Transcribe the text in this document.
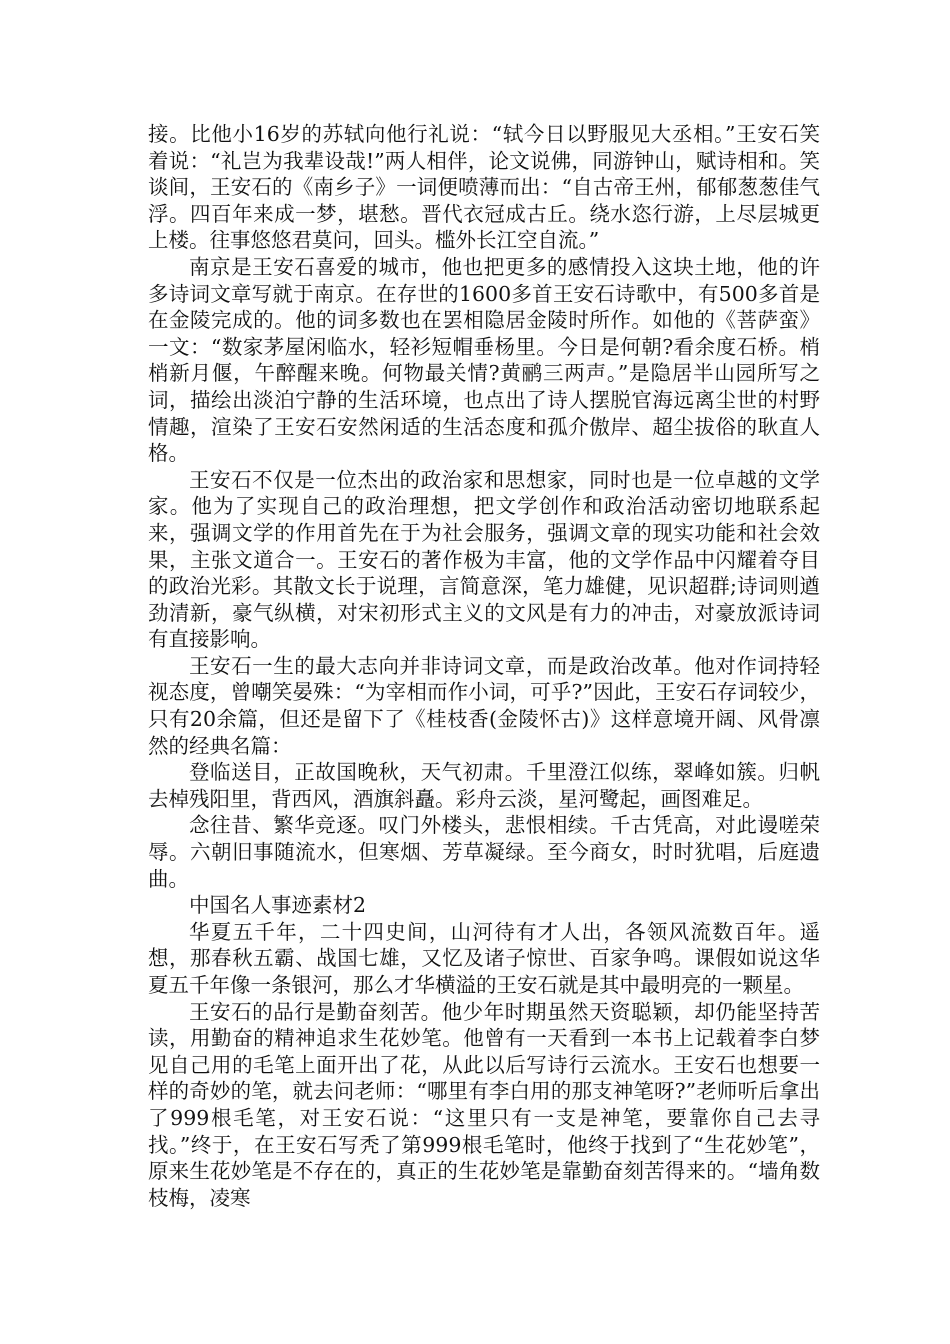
接。比他小16岁的苏轼向他行礼说：“轼今日以野服见大丞相。”王安石笑着说：“礼岂为我辈设哉!”两人相伴，论文说佛，同游钟山，赋诗相和。笑谈间，王安石的《南乡子》一词便喷薄而出：“自古帝王州，郁郁葱葱佳气浮。四百年来成一梦，堪愁。晋代衣冠成古丘。绕水恣行游，上尽层城更上楼。往事悠悠君莫问，回头。槛外长江空自流。”

南京是王安石喜爱的城市，他也把更多的感情投入这块土地，他的许多诗词文章写就于南京。在存世的1600多首王安石诗歌中，有500多首是在金陵完成的。他的词多数也在罢相隐居金陵时所作。如他的《菩萨蛮》一文：“数家茅屋闲临水，轻衫短帽垂杨里。今日是何朝?看余度石桥。梢梢新月偃，午醉醒来晚。何物最关情?黄鹂三两声。”是隐居半山园所写之词，描绘出淡泊宁静的生活环境，也点出了诗人摆脱官海远离尘世的村野情趣，渲染了王安石安然闲适的生活态度和孤介傲岸、超尘拔俗的耿直人格。

王安石不仅是一位杰出的政治家和思想家，同时也是一位卓越的文学家。他为了实现自己的政治理想，把文学创作和政治活动密切地联系起来，强调文学的作用首先在于为社会服务，强调文章的现实功能和社会效果，主张文道合一。王安石的著作极为丰富，他的文学作品中闪耀着夺目的政治光彩。其散文长于说理，言简意深，笔力雄健，见识超群;诗词则遒劲清新，豪气纵横，对宋初形式主义的文风是有力的冲击，对豪放派诗词有直接影响。

王安石一生的最大志向并非诗词文章，而是政治改革。他对作词持轻视态度，曾嘲笑晏殊：“为宰相而作小词，可乎?”因此，王安石存词较少，只有20余篇，但还是留下了《桂枝香(金陵怀古)》这样意境开阔、风骨凛然的经典名篇：

登临送目，正故国晚秋，天气初肃。千里澄江似练，翠峰如簇。归帆去棹残阳里，背西风，酒旗斜矗。彩舟云淡，星河鹭起，画图难足。

念往昔、繁华竞逐。叹门外楼头，悲恨相续。千古凭高，对此谩嗟荣辱。六朝旧事随流水，但寒烟、芳草凝绿。至今商女，时时犹唱，后庭遗曲。

中国名人事迹素材2

华夏五千年，二十四史间，山河待有才人出，各领风流数百年。遥想，那春秋五霸、战国七雄，又忆及诸子惊世、百家争鸣。课假如说这华夏五千年像一条银河，那么才华横溢的王安石就是其中最明亮的一颗星。

王安石的品行是勤奋刻苦。他少年时期虽然天资聪颖，却仍能坚持苦读，用勤奋的精神追求生花妙笔。他曾有一天看到一本书上记载着李白梦见自己用的毛笔上面开出了花，从此以后写诗行云流水。王安石也想要一样的奇妙的笔，就去问老师：“哪里有李白用的那支神笔呀?”老师听后拿出了999根毛笔，对王安石说：“这里只有一支是神笔，要靠你自己去寻找。”终于，在王安石写秃了第999根毛笔时，他终于找到了“生花妙笔”，原来生花妙笔是不存在的，真正的生花妙笔是靠勤奋刻苦得来的。“墙角数枝梅，凌寒
